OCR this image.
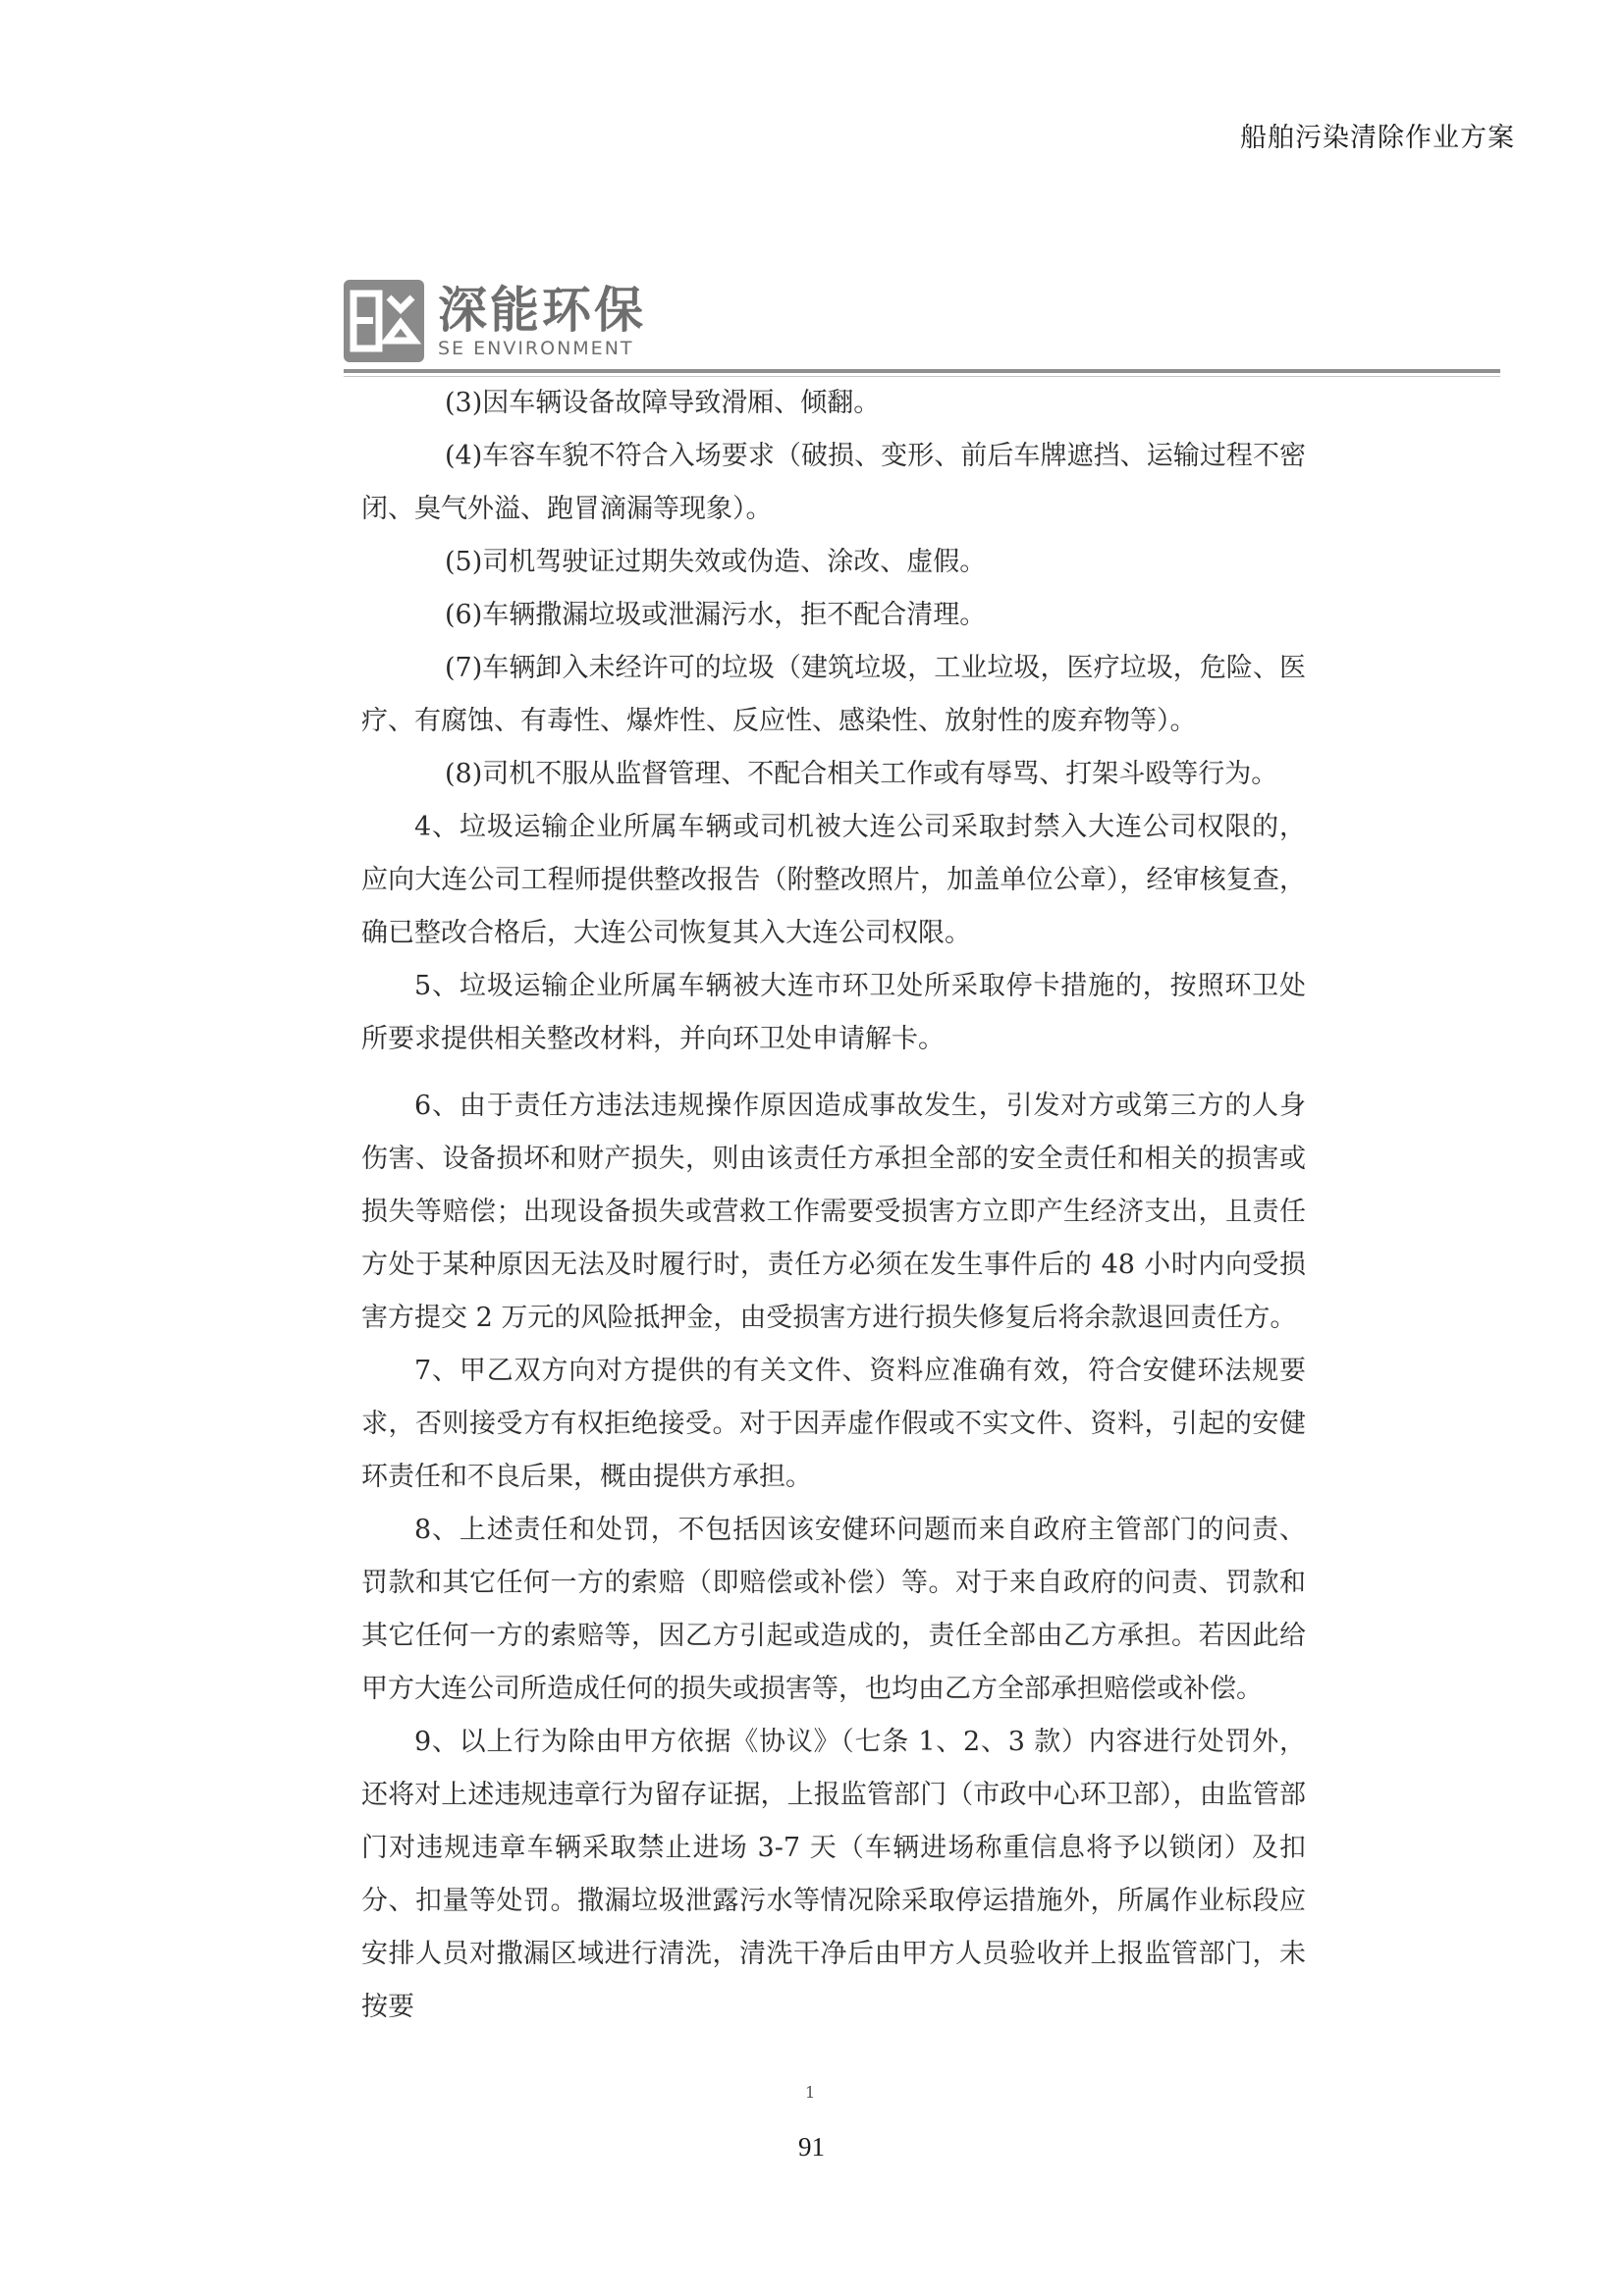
船舶污染清除作业方案
深能环保
SE ENVIRONMENT

(3)因车辆设备故障导致滑厢、倾翻。

(4)车容车貌不符合入场要求（破损、变形、前后车牌遮挡、运输过程不密闭、臭气外溢、跑冒滴漏等现象）。

(5)司机驾驶证过期失效或伪造、涂改、虚假。

(6)车辆撒漏垃圾或泄漏污水，拒不配合清理。

(7)车辆卸入未经许可的垃圾（建筑垃圾，工业垃圾，医疗垃圾，危险、医疗、有腐蚀、有毒性、爆炸性、反应性、感染性、放射性的废弃物等）。

(8)司机不服从监督管理、不配合相关工作或有辱骂、打架斗殴等行为。

4、垃圾运输企业所属车辆或司机被大连公司采取封禁入大连公司权限的，应向大连公司工程师提供整改报告（附整改照片，加盖单位公章），经审核复查，确已整改合格后，大连公司恢复其入大连公司权限。

5、垃圾运输企业所属车辆被大连市环卫处所采取停卡措施的，按照环卫处所要求提供相关整改材料，并向环卫处申请解卡。

6、由于责任方违法违规操作原因造成事故发生，引发对方或第三方的人身伤害、设备损坏和财产损失，则由该责任方承担全部的安全责任和相关的损害或损失等赔偿；出现设备损失或营救工作需要受损害方立即产生经济支出，且责任方处于某种原因无法及时履行时，责任方必须在发生事件后的 48 小时内向受损害方提交 2 万元的风险抵押金，由受损害方进行损失修复后将余款退回责任方。

7、甲乙双方向对方提供的有关文件、资料应准确有效，符合安健环法规要求，否则接受方有权拒绝接受。对于因弄虚作假或不实文件、资料，引起的安健环责任和不良后果，概由提供方承担。

8、上述责任和处罚，不包括因该安健环问题而来自政府主管部门的问责、罚款和其它任何一方的索赔（即赔偿或补偿）等。对于来自政府的问责、罚款和其它任何一方的索赔等，因乙方引起或造成的，责任全部由乙方承担。若因此给甲方大连公司所造成任何的损失或损害等，也均由乙方全部承担赔偿或补偿。

9、以上行为除由甲方依据《协议》（七条 1、2、3 款）内容进行处罚外，还将对上述违规违章行为留存证据，上报监管部门（市政中心环卫部），由监管部门对违规违章车辆采取禁止进场 3-7 天（车辆进场称重信息将予以锁闭）及扣分、扣量等处罚。撒漏垃圾泄露污水等情况除采取停运措施外，所属作业标段应安排人员对撒漏区域进行清洗，清洗干净后由甲方人员验收并上报监管部门，未按要

1
91
